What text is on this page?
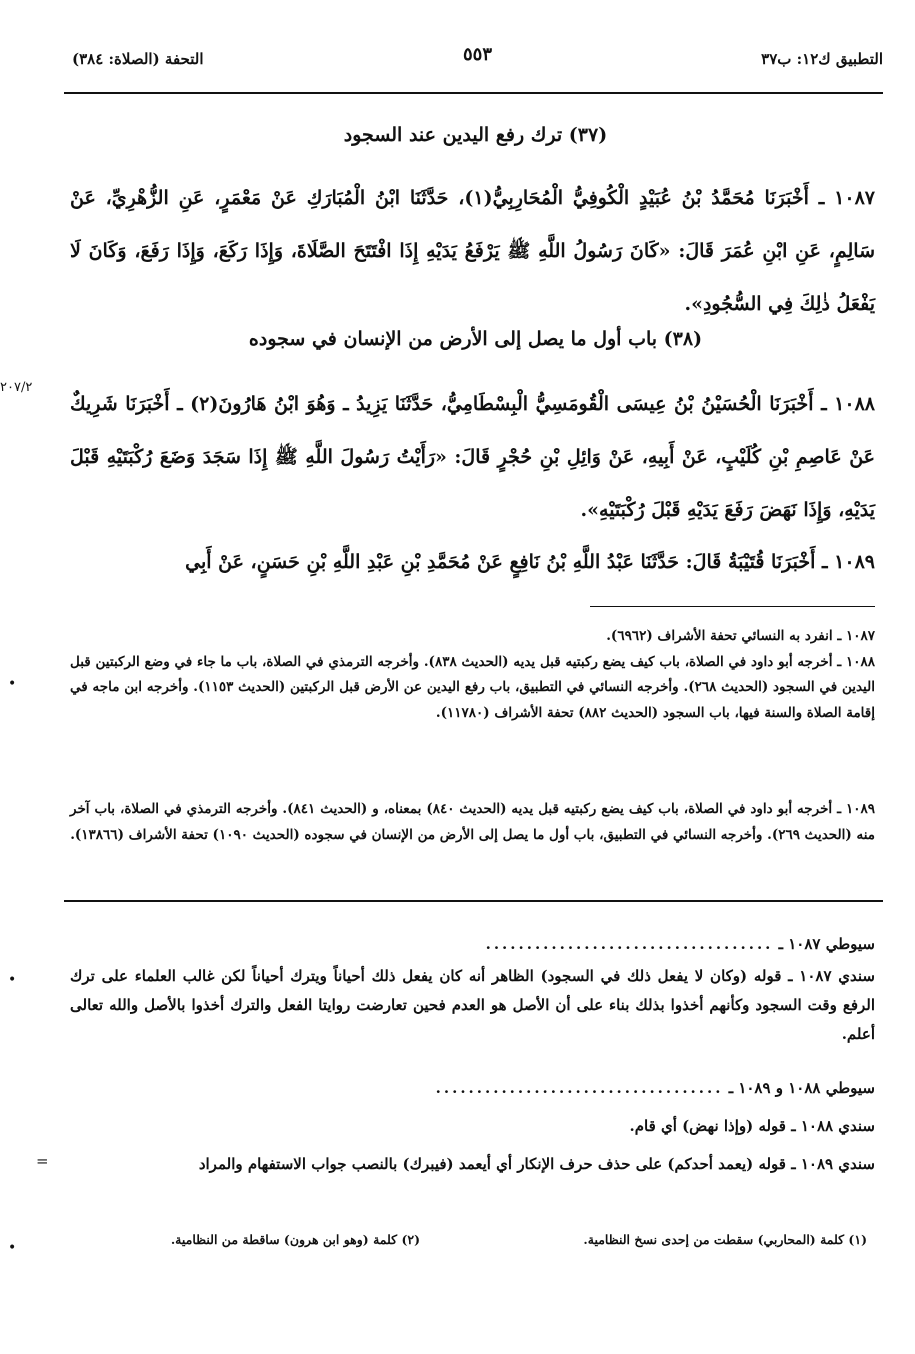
التطبيق ك١٢: ب٣٧
٥٥٣
التحفة (الصلاة: ٣٨٤)
(٣٧) ترك رفع اليدين عند السجود
١٠٨٧ ـ أَخْبَرَنَا مُحَمَّدُ بْنُ عُبَيْدٍ الْكُوفِيُّ الْمُحَارِبِيُّ(١)، حَدَّثَنَا ابْنُ الْمُبَارَكِ عَنْ مَعْمَرٍ، عَنِ الزُّهْرِيِّ، عَنْ سَالِمٍ، عَنِ ابْنِ عُمَرَ قَالَ: «كَانَ رَسُولُ اللَّهِ ﷺ يَرْفَعُ يَدَيْهِ إِذَا افْتَتَحَ الصَّلَاةَ، وَإِذَا رَكَعَ، وَإِذَا رَفَعَ، وَكَانَ لَا يَفْعَلُ ذٰلِكَ فِي السُّجُودِ».
(٣٨) باب أول ما يصل إلى الأرض من الإنسان في سجوده
٢٠٧/٢
١٠٨٨ ـ أَخْبَرَنَا الْحُسَيْنُ بْنُ عِيسَى الْقُومَسِيُّ الْبِسْطَامِيُّ، حَدَّثَنَا يَزِيدُ ـ وَهُوَ ابْنُ هَارُونَ(٢) ـ أَخْبَرَنَا شَرِيكٌ عَنْ عَاصِمِ بْنِ كُلَيْبٍ، عَنْ أَبِيهِ، عَنْ وَائِلِ بْنِ حُجْرٍ قَالَ: «رَأَيْتُ رَسُولَ اللَّهِ ﷺ إِذَا سَجَدَ وَضَعَ رُكْبَتَيْهِ قَبْلَ يَدَيْهِ، وَإِذَا نَهَضَ رَفَعَ يَدَيْهِ قَبْلَ رُكْبَتَيْهِ».
١٠٨٩ ـ أَخْبَرَنَا قُتَيْبَةُ قَالَ: حَدَّثَنَا عَبْدُ اللَّهِ بْنُ نَافِعٍ عَنْ مُحَمَّدِ بْنِ عَبْدِ اللَّهِ بْنِ حَسَنٍ، عَنْ أَبِي
١٠٨٧ ـ انفرد به النسائي تحفة الأشراف (٦٩٦٢).
١٠٨٨ ـ أخرجه أبو داود في الصلاة، باب كيف يضع ركبتيه قبل يديه (الحديث ٨٣٨). وأخرجه الترمذي في الصلاة، باب ما جاء في وضع الركبتين قبل اليدين في السجود (الحديث ٢٦٨). وأخرجه النسائي في التطبيق، باب رفع اليدين عن الأرض قبل الركبتين (الحديث ١١٥٣). وأخرجه ابن ماجه في إقامة الصلاة والسنة فيها، باب السجود (الحديث ٨٨٢) تحفة الأشراف (١١٧٨٠).
•
١٠٨٩ ـ أخرجه أبو داود في الصلاة، باب كيف يضع ركبتيه قبل يديه (الحديث ٨٤٠) بمعناه، و (الحديث ٨٤١). وأخرجه الترمذي في الصلاة، باب آخر منه (الحديث ٢٦٩). وأخرجه النسائي في التطبيق، باب أول ما يصل إلى الأرض من الإنسان في سجوده (الحديث ١٠٩٠) تحفة الأشراف (١٣٨٦٦).
سيوطي ١٠٨٧ ـ ...................................
سندي ١٠٨٧ ـ قوله (وكان لا يفعل ذلك في السجود) الظاهر أنه كان يفعل ذلك أحياناً ويترك أحياناً لكن غالب العلماء على ترك الرفع وقت السجود وكأنهم أخذوا بذلك بناء على أن الأصل هو العدم فحين تعارضت روايتا الفعل والترك أخذوا بالأصل والله تعالى أعلم.
•
سيوطي ١٠٨٨ و ١٠٨٩ ـ ...................................
سندي ١٠٨٨ ـ قوله (وإذا نهض) أي قام.
سندي ١٠٨٩ ـ قوله (يعمد أحدكم) على حذف حرف الإنكار أي أيعمد (فيبرك) بالنصب جواب الاستفهام والمراد
=
(١) كلمة (المحاربي) سقطت من إحدى نسخ النظامية.
(٢) كلمة (وهو ابن هرون) ساقطة من النظامية.
•
